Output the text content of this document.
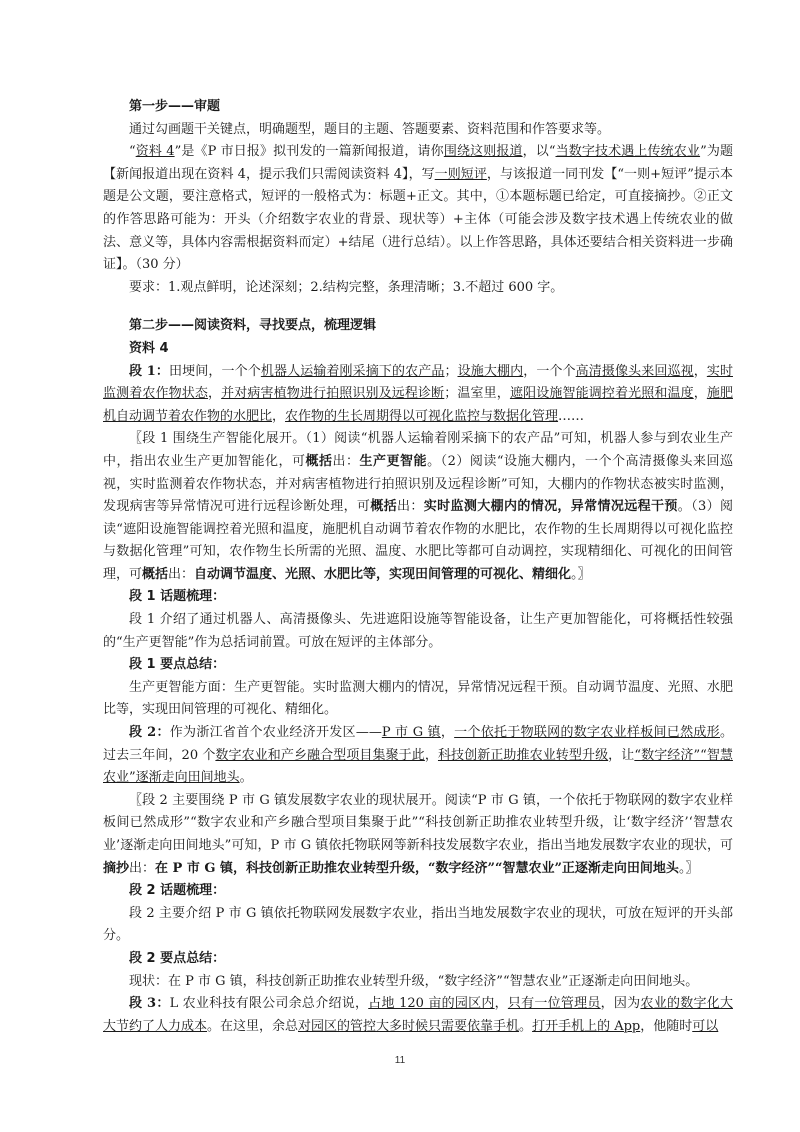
第一步——审题

通过勾画题干关键点，明确题型，题目的主题、答题要素、资料范围和作答要求等。

“资料 4”是《P 市日报》拟刊发的一篇新闻报道，请你围绕这则报道，以“当数字技术遇上传统农业”为题【新闻报道出现在资料 4，提示我们只需阅读资料 4】，写一则短评，与该报道一同刊发【“一则+短评”提示本题是公文题，要注意格式，短评的一般格式为：标题+正文。其中，①本题标题已给定，可直接摘抄。②正文的作答思路可能为：开头（介绍数字农业的背景、现状等）+主体（可能会涉及数字技术遇上传统农业的做法、意义等，具体内容需根据资料而定）+结尾（进行总结）。以上作答思路，具体还要结合相关资料进一步确证】。（30 分）

要求：1.观点鲜明，论述深刻；2.结构完整，条理清晰；3.不超过 600 字。

第二步——阅读资料，寻找要点，梳理逻辑

资料 4

段 1：田埂间，一个个机器人运输着刚采摘下的农产品；设施大棚内，一个个高清摄像头来回巡视，实时监测着农作物状态，并对病害植物进行拍照识别及远程诊断；温室里，遮阳设施智能调控着光照和温度，施肥机自动调节着农作物的水肥比，农作物的生长周期得以可视化监控与数据化管理……

〖段 1 围绕生产智能化展开。（1）阅读“机器人运输着刚采摘下的农产品”可知，机器人参与到农业生产中，指出农业生产更加智能化，可概括出：生产更智能。（2）阅读“设施大棚内，一个个高清摄像头来回巡视，实时监测着农作物状态，并对病害植物进行拍照识别及远程诊断”可知，大棚内的作物状态被实时监测，发现病害等异常情况可进行远程诊断处理，可概括出：实时监测大棚内的情况，异常情况远程干预。（3）阅读“遮阳设施智能调控着光照和温度，施肥机自动调节着农作物的水肥比，农作物的生长周期得以可视化监控与数据化管理”可知，农作物生长所需的光照、温度、水肥比等都可自动调控，实现精细化、可视化的田间管理，可概括出：自动调节温度、光照、水肥比等，实现田间管理的可视化、精细化。〗

段 1 话题梳理：

段 1 介绍了通过机器人、高清摄像头、先进遮阳设施等智能设备，让生产更加智能化，可将概括性较强的“生产更智能”作为总括词前置。可放在短评的主体部分。

段 1 要点总结：

生产更智能方面：生产更智能。实时监测大棚内的情况，异常情况远程干预。自动调节温度、光照、水肥比等，实现田间管理的可视化、精细化。

段 2：作为浙江省首个农业经济开发区——P 市 G 镇，一个依托于物联网的数字农业样板间已然成形。过去三年间，20 个数字农业和产乡融合型项目集聚于此，科技创新正助推农业转型升级，让“数字经济”“智慧农业”逐渐走向田间地头。

〖段 2 主要围绕 P 市 G 镇发展数字农业的现状展开。阅读“P 市 G 镇，一个依托于物联网的数字农业样板间已然成形”“数字农业和产乡融合型项目集聚于此”“科技创新正助推农业转型升级，让‘数字经济’‘智慧农业’逐渐走向田间地头”可知，P 市 G 镇依托物联网等新科技发展数字农业，指出当地发展数字农业的现状，可摘抄出：在 P 市 G 镇，科技创新正助推农业转型升级，“数字经济”“智慧农业”正逐渐走向田间地头。〗

段 2 话题梳理：

段 2 主要介绍 P 市 G 镇依托物联网发展数字农业，指出当地发展数字农业的现状，可放在短评的开头部分。

段 2 要点总结：

现状：在 P 市 G 镇，科技创新正助推农业转型升级，“数字经济”“智慧农业”正逐渐走向田间地头。

段 3：L 农业科技有限公司余总介绍说，占地 120 亩的园区内，只有一位管理员，因为农业的数字化大大节约了人力成本。在这里，余总对园区的管控大多时候只需要依靠手机。打开手机上的 App，他随时可以

11
